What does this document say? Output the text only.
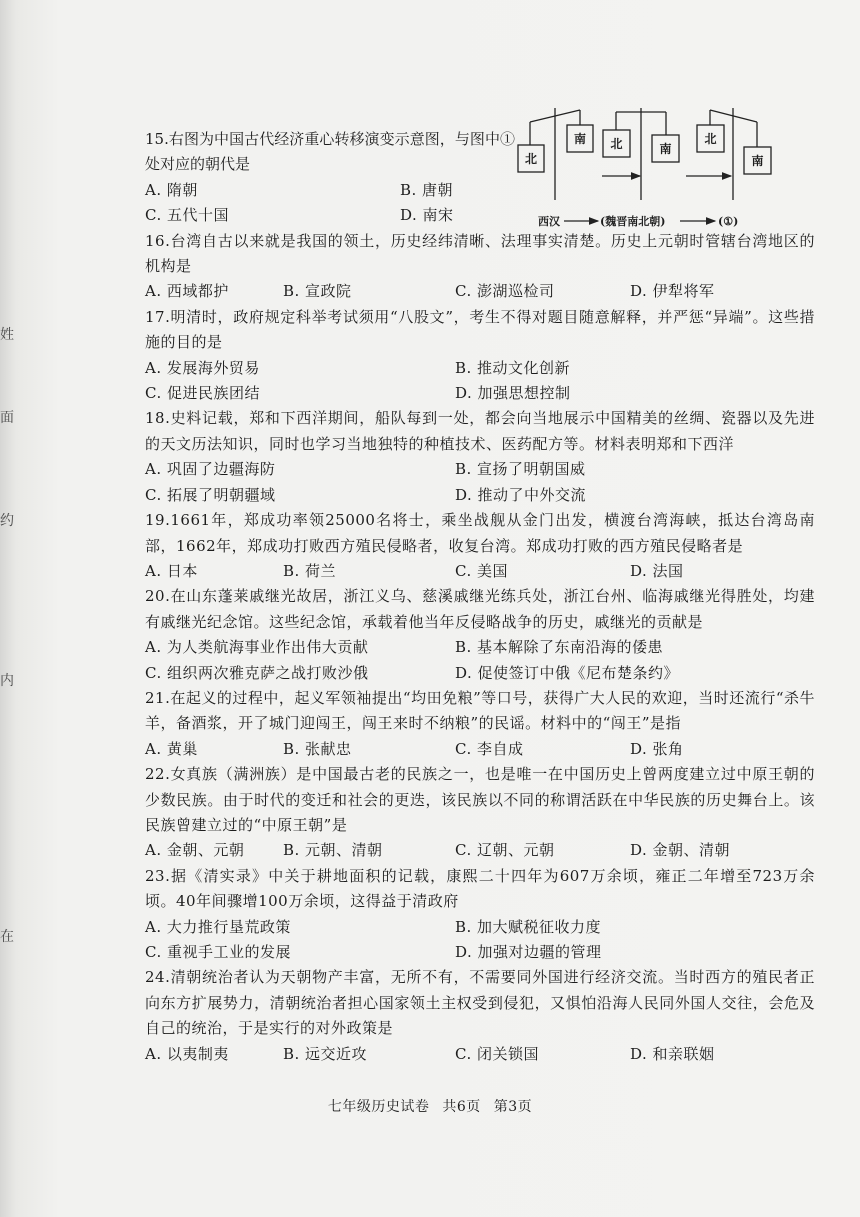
姓
面
约
内
在
北
南 北	南
北
南
西汉	(魏晋南北朝)	(①)

15.右图为中国古代经济重心转移演变示意图，与图中①处对应的朝代是

A. 隋朝	B. 唐朝
C. 五代十国	D. 南宋

16.台湾自古以来就是我国的领土，历史经纬清晰、法理事实清楚。历史上元朝时管辖台湾地区的机构是

A. 西域都护	B. 宣政院	C. 澎湖巡检司	D. 伊犁将军

17.明清时，政府规定科举考试须用“八股文”，考生不得对题目随意解释，并严惩“异端”。这些措施的目的是

A. 发展海外贸易	B. 推动文化创新
C. 促进民族团结	D. 加强思想控制

18.史料记载，郑和下西洋期间，船队每到一处，都会向当地展示中国精美的丝绸、瓷器以及先进的天文历法知识，同时也学习当地独特的种植技术、医药配方等。材料表明郑和下西洋

A. 巩固了边疆海防	B. 宣扬了明朝国威
C. 拓展了明朝疆域	D. 推动了中外交流

19.1661年，郑成功率领25000名将士，乘坐战舰从金门出发，横渡台湾海峡，抵达台湾岛南部，1662年，郑成功打败西方殖民侵略者，收复台湾。郑成功打败的西方殖民侵略者是

A. 日本	B. 荷兰	C. 美国	D. 法国

20.在山东蓬莱戚继光故居，浙江义乌、慈溪戚继光练兵处，浙江台州、临海戚继光得胜处，均建有戚继光纪念馆。这些纪念馆，承载着他当年反侵略战争的历史，戚继光的贡献是

A. 为人类航海事业作出伟大贡献	B. 基本解除了东南沿海的倭患
C. 组织两次雅克萨之战打败沙俄	D. 促使签订中俄《尼布楚条约》

21.在起义的过程中，起义军领袖提出“均田免粮”等口号，获得广大人民的欢迎，当时还流行“杀牛羊，备酒浆，开了城门迎闯王，闯王来时不纳粮”的民谣。材料中的“闯王”是指

A. 黄巢	B. 张献忠	C. 李自成	D. 张角

22.女真族（满洲族）是中国最古老的民族之一，也是唯一在中国历史上曾两度建立过中原王朝的少数民族。由于时代的变迁和社会的更迭，该民族以不同的称谓活跃在中华民族的历史舞台上。该民族曾建立过的“中原王朝”是

A. 金朝、元朝	B. 元朝、清朝	C. 辽朝、元朝	D. 金朝、清朝

23.据《清实录》中关于耕地面积的记载，康熙二十四年为607万余顷，雍正二年增至723万余顷。40年间骤增100万余顷，这得益于清政府

A. 大力推行垦荒政策	B. 加大赋税征收力度
C. 重视手工业的发展	D. 加强对边疆的管理

24.清朝统治者认为天朝物产丰富，无所不有，不需要同外国进行经济交流。当时西方的殖民者正向东方扩展势力，清朝统治者担心国家领土主权受到侵犯，又惧怕沿海人民同外国人交往，会危及自己的统治，于是实行的对外政策是

A. 以夷制夷	B. 远交近攻	C. 闭关锁国	D. 和亲联姻
七年级历史试卷 共6页 第3页
